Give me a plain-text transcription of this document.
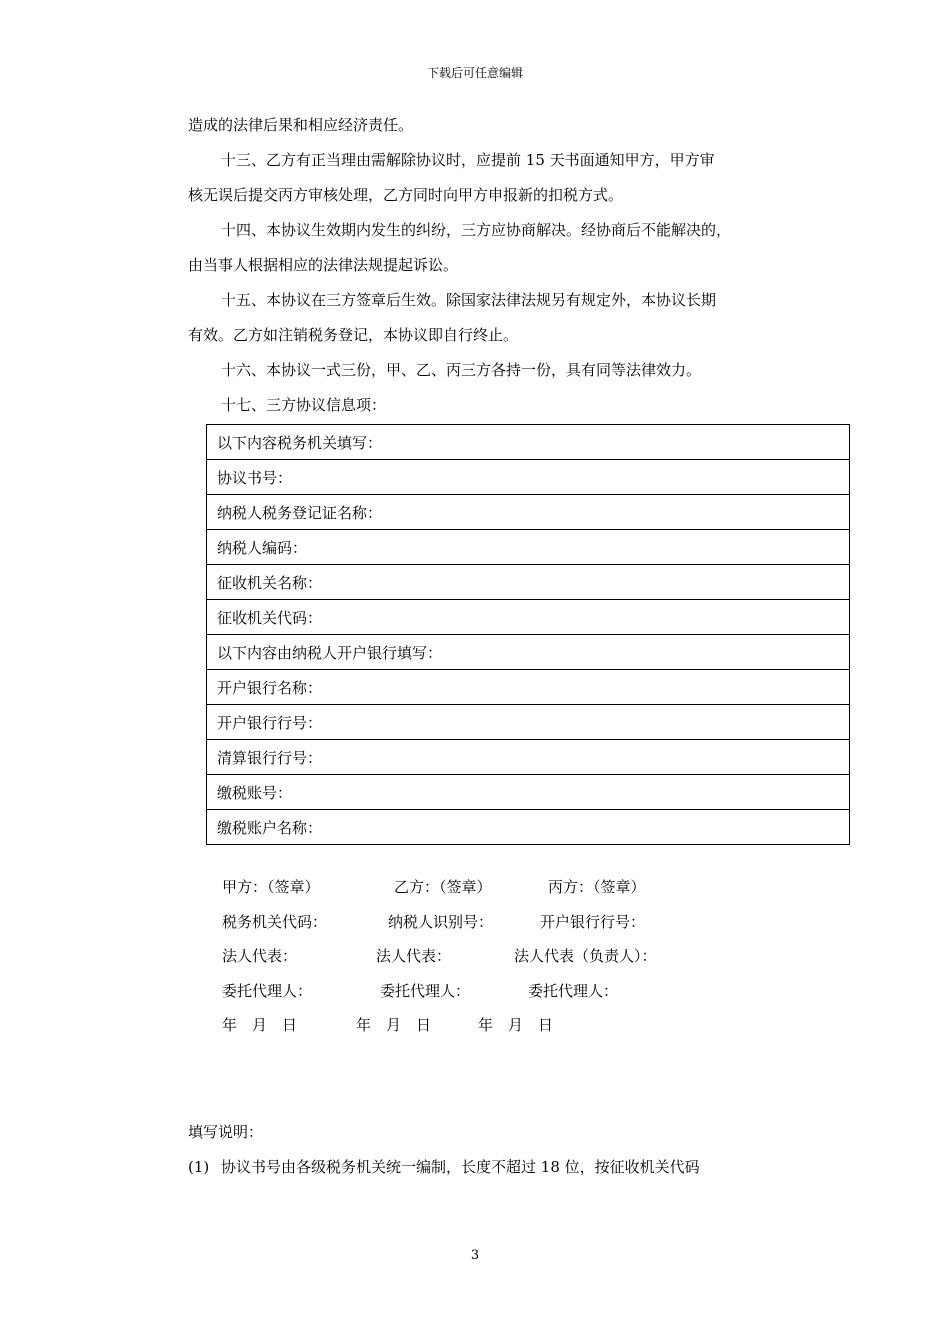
下载后可任意编辑
造成的法律后果和相应经济责任。
十三、乙方有正当理由需解除协议时，应提前 15 天书面通知甲方，甲方审
核无误后提交丙方审核处理，乙方同时向甲方申报新的扣税方式。
十四、本协议生效期内发生的纠纷，三方应协商解决。经协商后不能解决的，
由当事人根据相应的法律法规提起诉讼。
十五、本协议在三方签章后生效。除国家法律法规另有规定外，本协议长期
有效。乙方如注销税务登记，本协议即自行终止。
十六、本协议一式三份，甲、乙、丙三方各持一份，具有同等法律效力。
十七、三方协议信息项：
以下内容税务机关填写：
协议书号：
纳税人税务登记证名称：
纳税人编码：
征收机关名称：
征收机关代码：
以下内容由纳税人开户银行填写：
开户银行名称：
开户银行行号：
清算银行行号：
缴税账号：
缴税账户名称：
甲方：（签章）	乙方：（签章）	丙方：（签章）
税务机关代码：	纳税人识别号：	开户银行行号：
法人代表：	法人代表：	法人代表（负责人）：
委托代理人：	委托代理人：	委托代理人：
年　月　日	年　月　日	年　月　日
填写说明：
(1) 协议书号由各级税务机关统一编制，长度不超过 18 位，按征收机关代码
3
